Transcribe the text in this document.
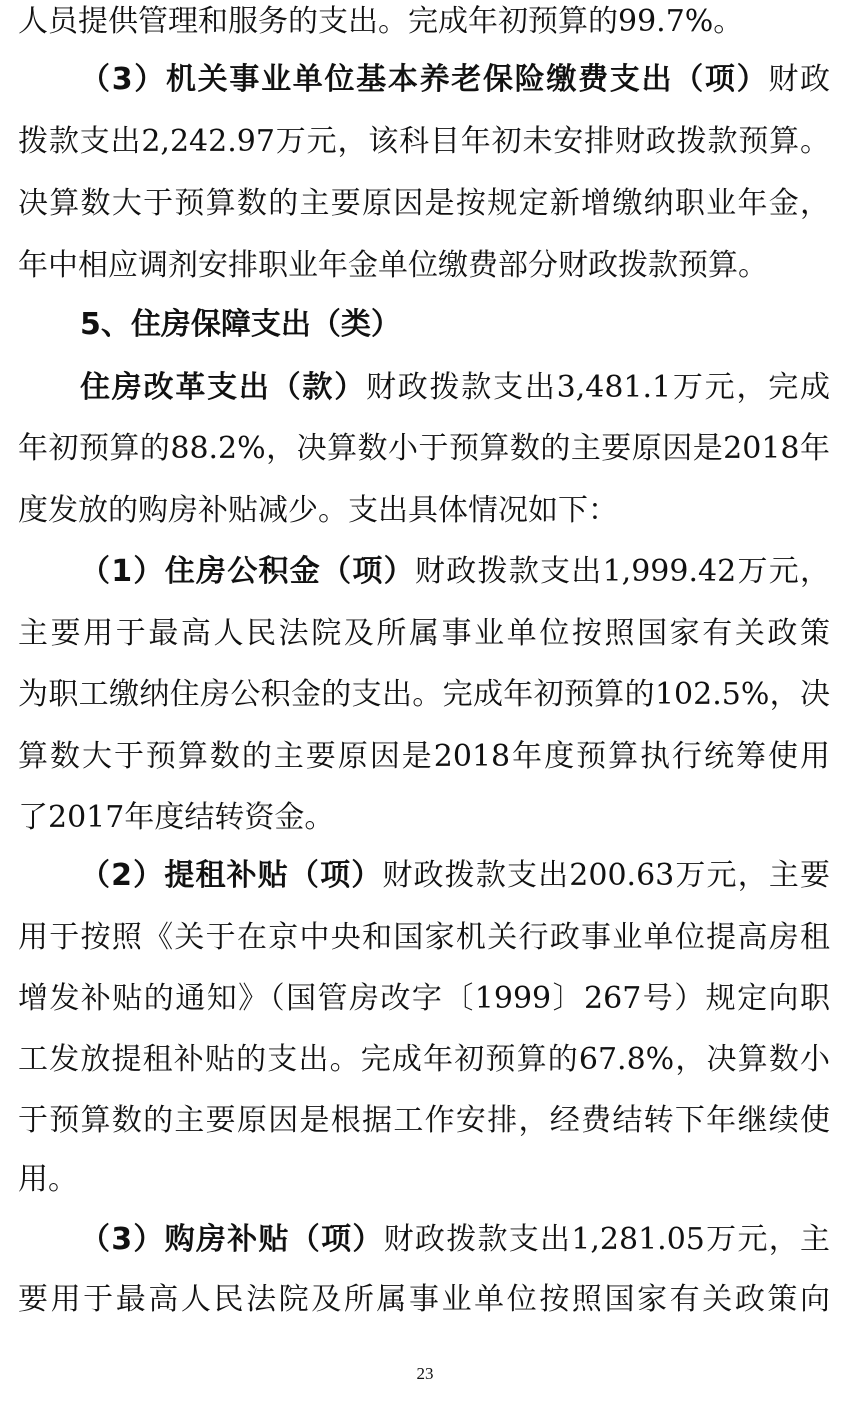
人员提供管理和服务的支出。完成年初预算的99.7%。
（3）机关事业单位基本养老保险缴费支出（项）财政
拨款支出2,242.97万元，该科目年初未安排财政拨款预算。
决算数大于预算数的主要原因是按规定新增缴纳职业年金，
年中相应调剂安排职业年金单位缴费部分财政拨款预算。
5、住房保障支出（类）
住房改革支出（款）财政拨款支出3,481.1万元，完成
年初预算的88.2%，决算数小于预算数的主要原因是2018年
度发放的购房补贴减少。支出具体情况如下：
（1）住房公积金（项）财政拨款支出1,999.42万元，
主要用于最高人民法院及所属事业单位按照国家有关政策
为职工缴纳住房公积金的支出。完成年初预算的102.5%，决
算数大于预算数的主要原因是2018年度预算执行统筹使用
了2017年度结转资金。
（2）提租补贴（项）财政拨款支出200.63万元，主要
用于按照《关于在京中央和国家机关行政事业单位提高房租
增发补贴的通知》（国管房改字〔1999〕267号）规定向职
工发放提租补贴的支出。完成年初预算的67.8%，决算数小
于预算数的主要原因是根据工作安排，经费结转下年继续使
用。
（3）购房补贴（项）财政拨款支出1,281.05万元，主
要用于最高人民法院及所属事业单位按照国家有关政策向
23
